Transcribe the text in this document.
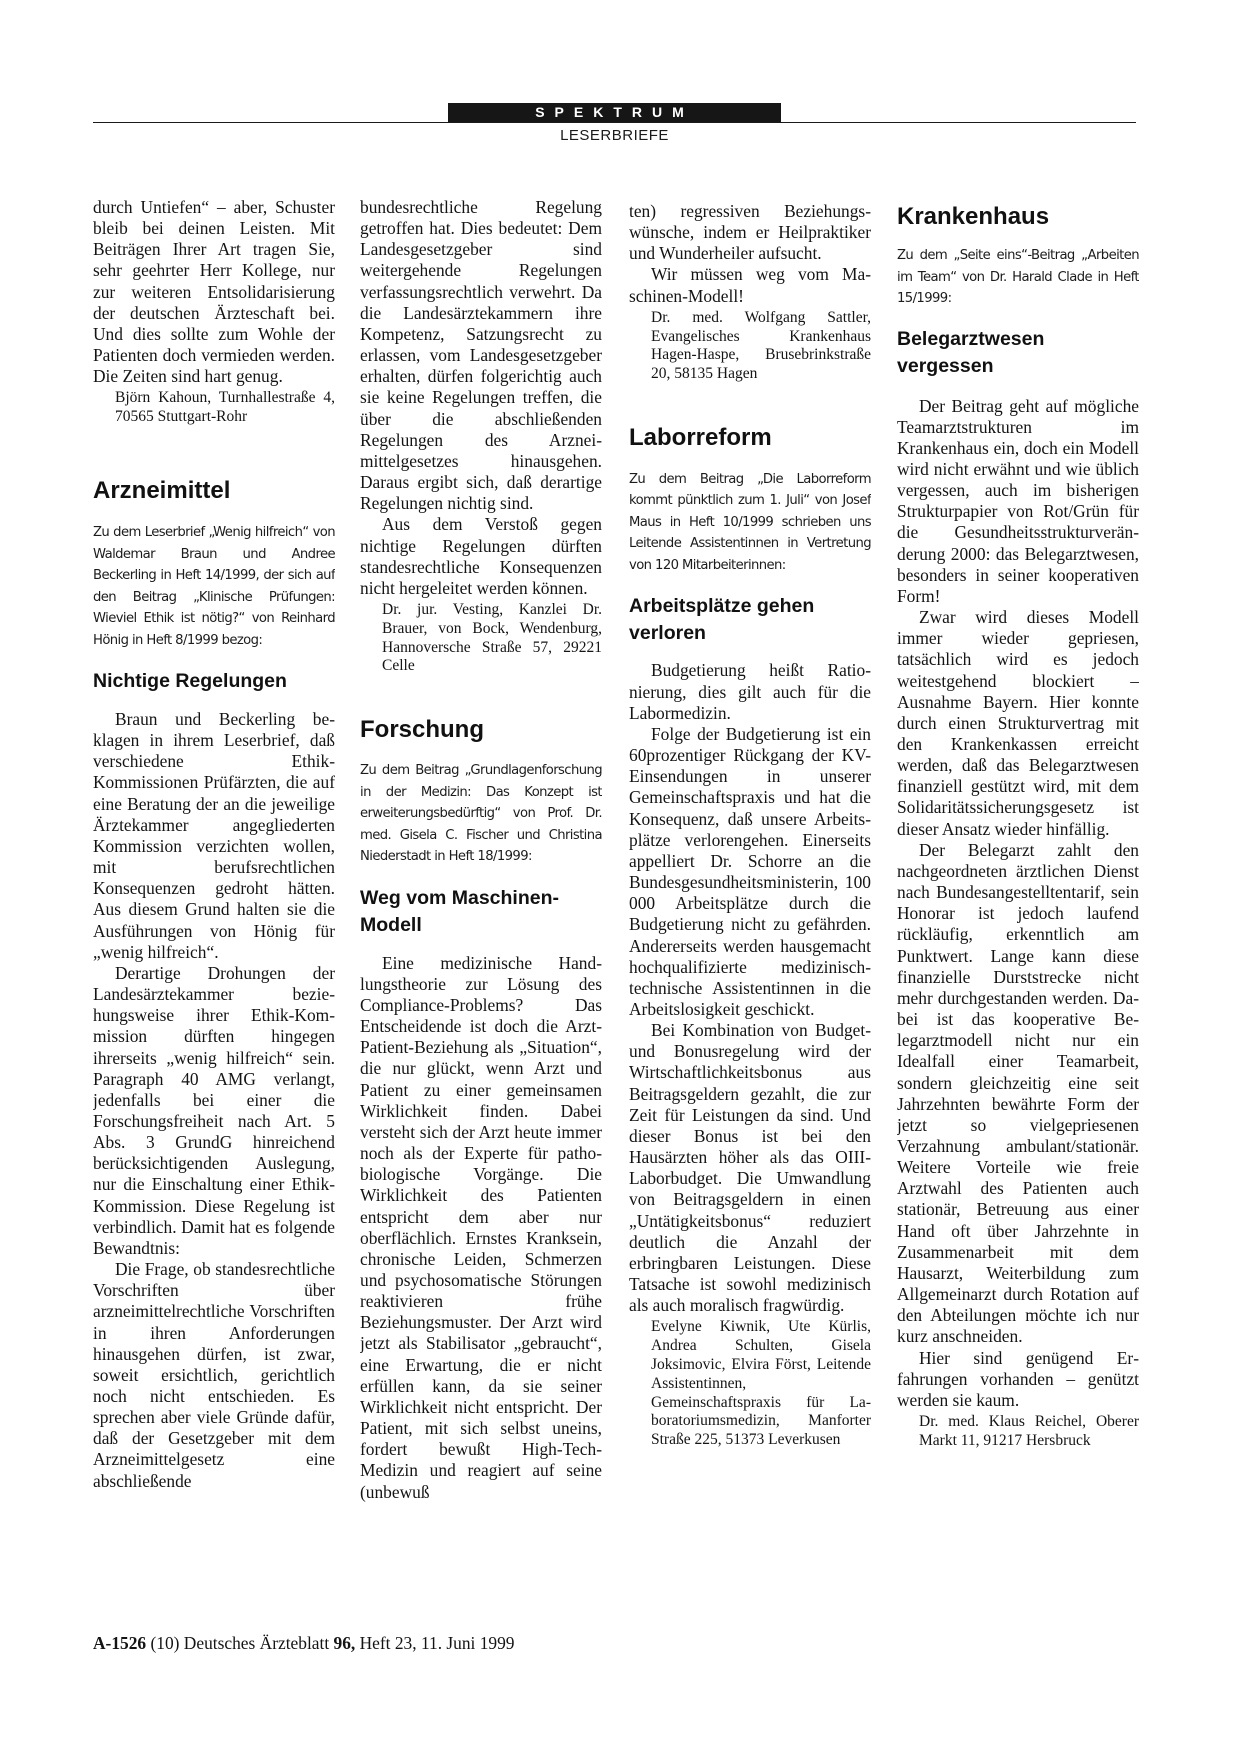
SPEKTRUM
LESERBRIEFE

durch Untiefen“ – aber, Schuster bleib bei deinen Leisten. Mit Beiträgen Ihrer Art tragen Sie, sehr geehrter Herr Kollege, nur zur weiteren Entsolidarisierung der deutschen Ärzteschaft bei. Und dies sollte zum Wohle der Patienten doch vermieden werden. Die Zeiten sind hart genug.

Björn Kahoun, Turnhallestraße 4, 70565 Stuttgart-Rohr

Arzneimittel

Zu dem Leserbrief „Wenig hilfreich“ von Waldemar Braun und Andree Beckerling in Heft 14/1999, der sich auf den Beitrag „Klinische Prüfungen: Wieviel Ethik ist nötig?“ von Reinhard Hönig in Heft 8/1999 bezog:

Nichtige Regelungen

Braun und Beckerling beklagen in ihrem Leserbrief, daß verschiedene Ethik-Kommissionen Prüfärzten, die auf eine Beratung der an die jeweilige Ärztekammer angegliederten Kommission verzichten wollen, mit berufsrechtlichen Konsequenzen gedroht hätten. Aus diesem Grund halten sie die Ausführungen von Hönig für „wenig hilfreich“.

Derartige Drohungen der Landesärztekammer beziehungsweise ihrer Ethik-Kommission dürften hingegen ihrerseits „wenig hilfreich“ sein. Paragraph 40 AMG verlangt, jedenfalls bei einer die Forschungsfreiheit nach Art. 5 Abs. 3 GrundG hinreichend berücksichtigenden Auslegung, nur die Einschaltung einer Ethik-Kommission. Diese Regelung ist verbindlich. Damit hat es folgende Bewandtnis:

Die Frage, ob standesrechtliche Vorschriften über arzneimittelrechtliche Vorschriften in ihren Anforderungen hinausgehen dürfen, ist zwar, soweit ersichtlich, gerichtlich noch nicht entschieden. Es sprechen aber viele Gründe dafür, daß der Gesetzgeber mit dem Arzneimittelgesetz eine abschließende

bundesrechtliche Regelung getroffen hat. Dies bedeutet: Dem Landesgesetzgeber sind weitergehende Regelungen verfassungsrechtlich verwehrt. Da die Landesärztekammern ihre Kompetenz, Satzungsrecht zu erlassen, vom Landesgesetzgeber erhalten, dürfen folgerichtig auch sie keine Regelungen treffen, die über die abschließenden Regelungen des Arzneimittelgesetzes hinausgehen. Daraus ergibt sich, daß derartige Regelungen nichtig sind.

Aus dem Verstoß gegen nichtige Regelungen dürften standesrechtliche Konsequenzen nicht hergeleitet werden können.

Dr. jur. Vesting, Kanzlei Dr. Brauer, von Bock, Wendenburg, Hannoversche Straße 57, 29221 Celle

Forschung

Zu dem Beitrag „Grundlagenforschung in der Medizin: Das Konzept ist erweiterungsbedürftig“ von Prof. Dr. med. Gisela C. Fischer und Christina Niederstadt in Heft 18/1999:

Weg vom Maschinen-Modell

Eine medizinische Handlungstheorie zur Lösung des Compliance-Problems? Das Entscheidende ist doch die Arzt-Patient-Beziehung als „Situation“, die nur glückt, wenn Arzt und Patient zu einer gemeinsamen Wirklichkeit finden. Dabei versteht sich der Arzt heute immer noch als der Experte für patho-biologische Vorgänge. Die Wirklichkeit des Patienten entspricht dem aber nur oberflächlich. Ernstes Kranksein, chronische Leiden, Schmerzen und psychosomatische Störungen reaktivieren frühe Beziehungsmuster. Der Arzt wird jetzt als Stabilisator „gebraucht“, eine Erwartung, die er nicht erfüllen kann, da sie seiner Wirklichkeit nicht entspricht. Der Patient, mit sich selbst uneins, fordert bewußt High-Tech-Medizin und reagiert auf seine (unbewuß

ten) regressiven Beziehungswünsche, indem er Heilpraktiker und Wunderheiler aufsucht.

Wir müssen weg vom Maschinen-Modell!

Dr. med. Wolfgang Sattler, Evangelisches Krankenhaus Hagen-Haspe, Brusebrinkstraße 20, 58135 Hagen

Laborreform

Zu dem Beitrag „Die Laborreform kommt pünktlich zum 1. Juli“ von Josef Maus in Heft 10/1999 schrieben uns Leitende Assistentinnen in Vertretung von 120 Mitarbeiterinnen:

Arbeitsplätze gehen verloren

Budgetierung heißt Rationierung, dies gilt auch für die Labormedizin.

Folge der Budgetierung ist ein 60prozentiger Rückgang der KV-Einsendungen in unserer Gemeinschaftspraxis und hat die Konsequenz, daß unsere Arbeitsplätze verlorengehen. Einerseits appelliert Dr. Schorre an die Bundesgesundheitsministerin, 100 000 Arbeitsplätze durch die Budgetierung nicht zu gefährden. Andererseits werden hausgemacht hochqualifizierte medizinisch-technische Assistentinnen in die Arbeitslosigkeit geschickt.

Bei Kombination von Budget- und Bonusregelung wird der Wirtschaftlichkeitsbonus aus Beitragsgeldern gezahlt, die zur Zeit für Leistungen da sind. Und dieser Bonus ist bei den Hausärzten höher als das OIII-Laborbudget. Die Umwandlung von Beitragsgeldern in einen „Untätigkeitsbonus“ reduziert deutlich die Anzahl der erbringbaren Leistungen. Diese Tatsache ist sowohl medizinisch als auch moralisch fragwürdig.

Evelyne Kiwnik, Ute Kürlis, Andrea Schulten, Gisela Joksimovic, Elvira Först, Leitende Assistentinnen, Gemeinschaftspraxis für Laboratoriumsmedizin, Manforter Straße 225, 51373 Leverkusen

Krankenhaus

Zu dem „Seite eins“-Beitrag „Arbeiten im Team“ von Dr. Harald Clade in Heft 15/1999:

Belegarztwesen vergessen

Der Beitrag geht auf mögliche Teamarztstrukturen im Krankenhaus ein, doch ein Modell wird nicht erwähnt und wie üblich vergessen, auch im bisherigen Strukturpapier von Rot/Grün für die Gesundheitsstrukturveränderung 2000: das Belegarztwesen, besonders in seiner kooperativen Form!

Zwar wird dieses Modell immer wieder gepriesen, tatsächlich wird es jedoch weitestgehend blockiert – Ausnahme Bayern. Hier konnte durch einen Strukturvertrag mit den Krankenkassen erreicht werden, daß das Belegarztwesen finanziell gestützt wird, mit dem Solidaritätssicherungsgesetz ist dieser Ansatz wieder hinfällig.

Der Belegarzt zahlt den nachgeordneten ärztlichen Dienst nach Bundesangestelltentarif, sein Honorar ist jedoch laufend rückläufig, erkenntlich am Punktwert. Lange kann diese finanzielle Durststrecke nicht mehr durchgestanden werden. Dabei ist das kooperative Belegarztmodell nicht nur ein Idealfall einer Teamarbeit, sondern gleichzeitig eine seit Jahrzehnten bewährte Form der jetzt so vielgepriesenen Verzahnung ambulant/stationär. Weitere Vorteile wie freie Arztwahl des Patienten auch stationär, Betreuung aus einer Hand oft über Jahrzehnte in Zusammenarbeit mit dem Hausarzt, Weiterbildung zum Allgemeinarzt durch Rotation auf den Abteilungen möchte ich nur kurz anschneiden.

Hier sind genügend Erfahrungen vorhanden – genützt werden sie kaum.

Dr. med. Klaus Reichel, Oberer Markt 11, 91217 Hersbruck

A-1526 (10) Deutsches Ärzteblatt 96, Heft 23, 11. Juni 1999
